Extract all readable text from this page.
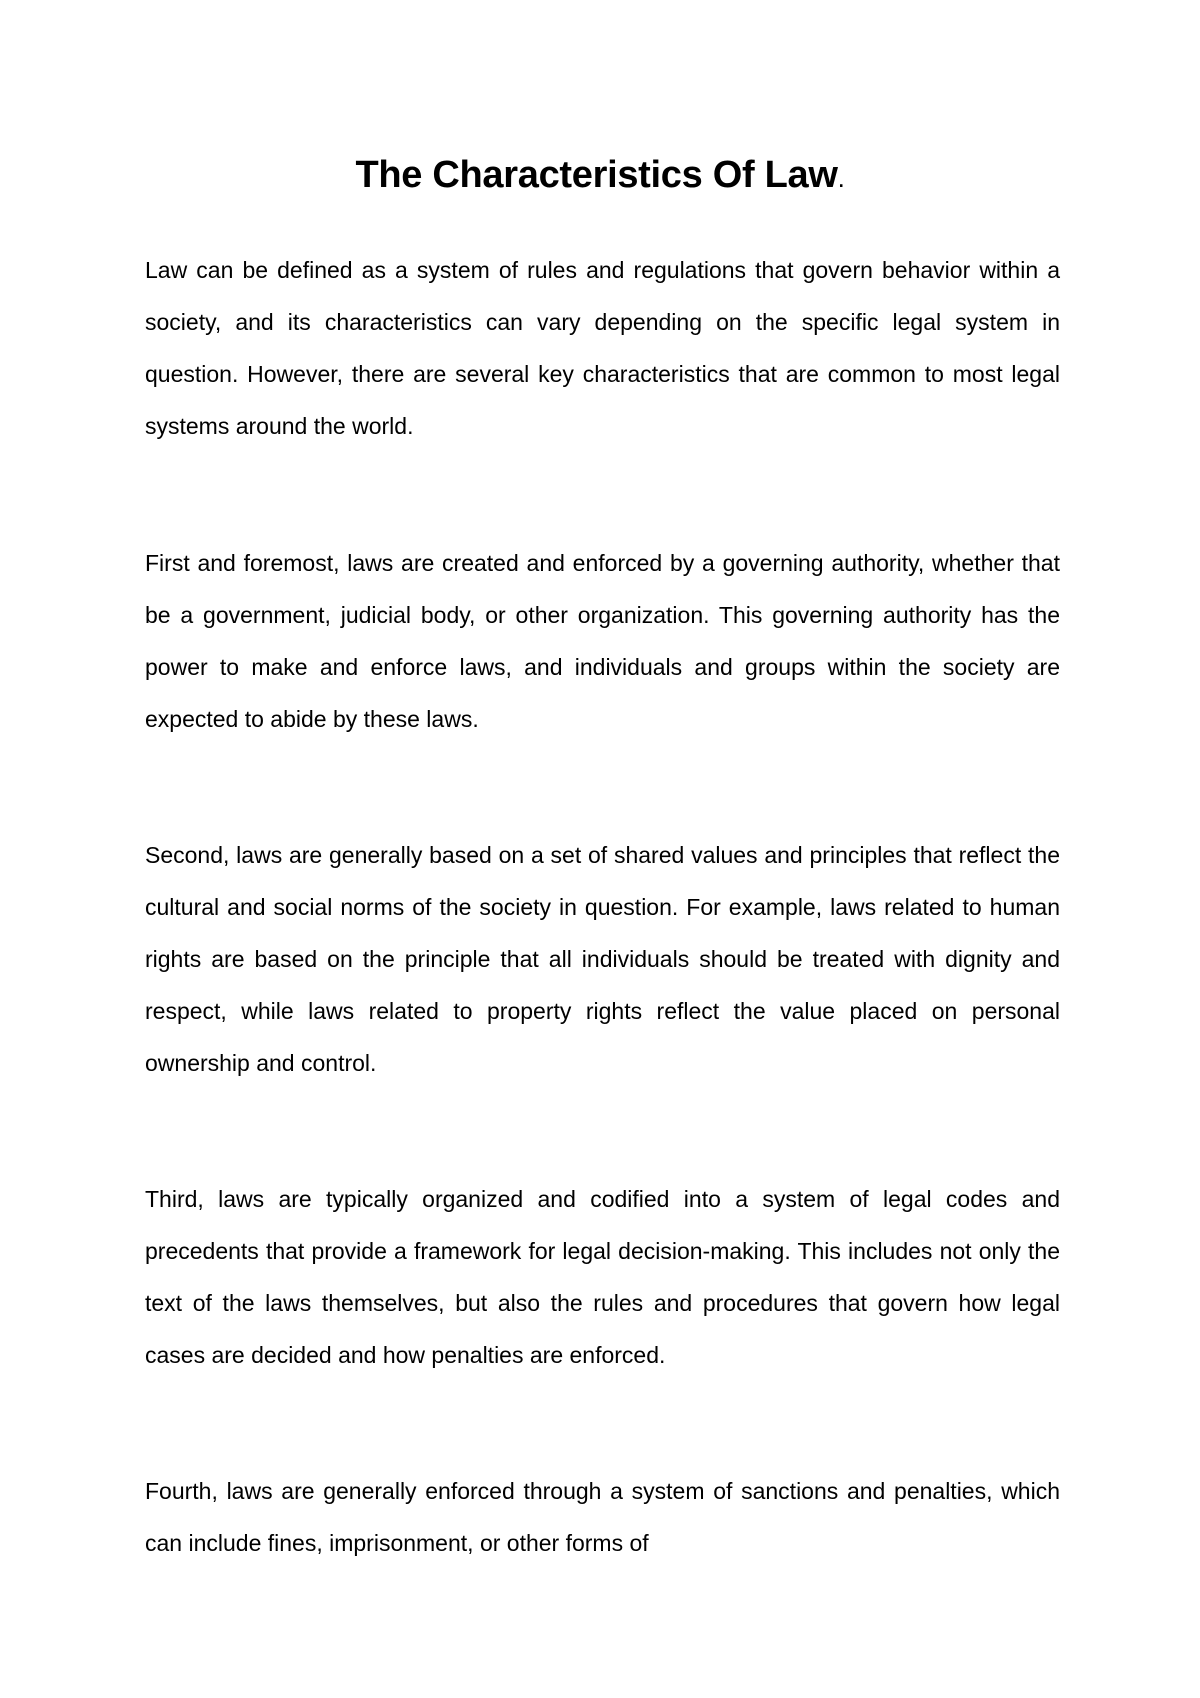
The Characteristics Of Law.

Law can be defined as a system of rules and regulations that govern behavior within a society, and its characteristics can vary depending on the specific legal system in question. However, there are several key characteristics that are common to most legal systems around the world.

First and foremost, laws are created and enforced by a governing authority, whether that be a government, judicial body, or other organization. This governing authority has the power to make and enforce laws, and individuals and groups within the society are expected to abide by these laws.

Second, laws are generally based on a set of shared values and principles that reflect the cultural and social norms of the society in question. For example, laws related to human rights are based on the principle that all individuals should be treated with dignity and respect, while laws related to property rights reflect the value placed on personal ownership and control.

Third, laws are typically organized and codified into a system of legal codes and precedents that provide a framework for legal decision-making. This includes not only the text of the laws themselves, but also the rules and procedures that govern how legal cases are decided and how penalties are enforced.

Fourth, laws are generally enforced through a system of sanctions and penalties, which can include fines, imprisonment, or other forms of
